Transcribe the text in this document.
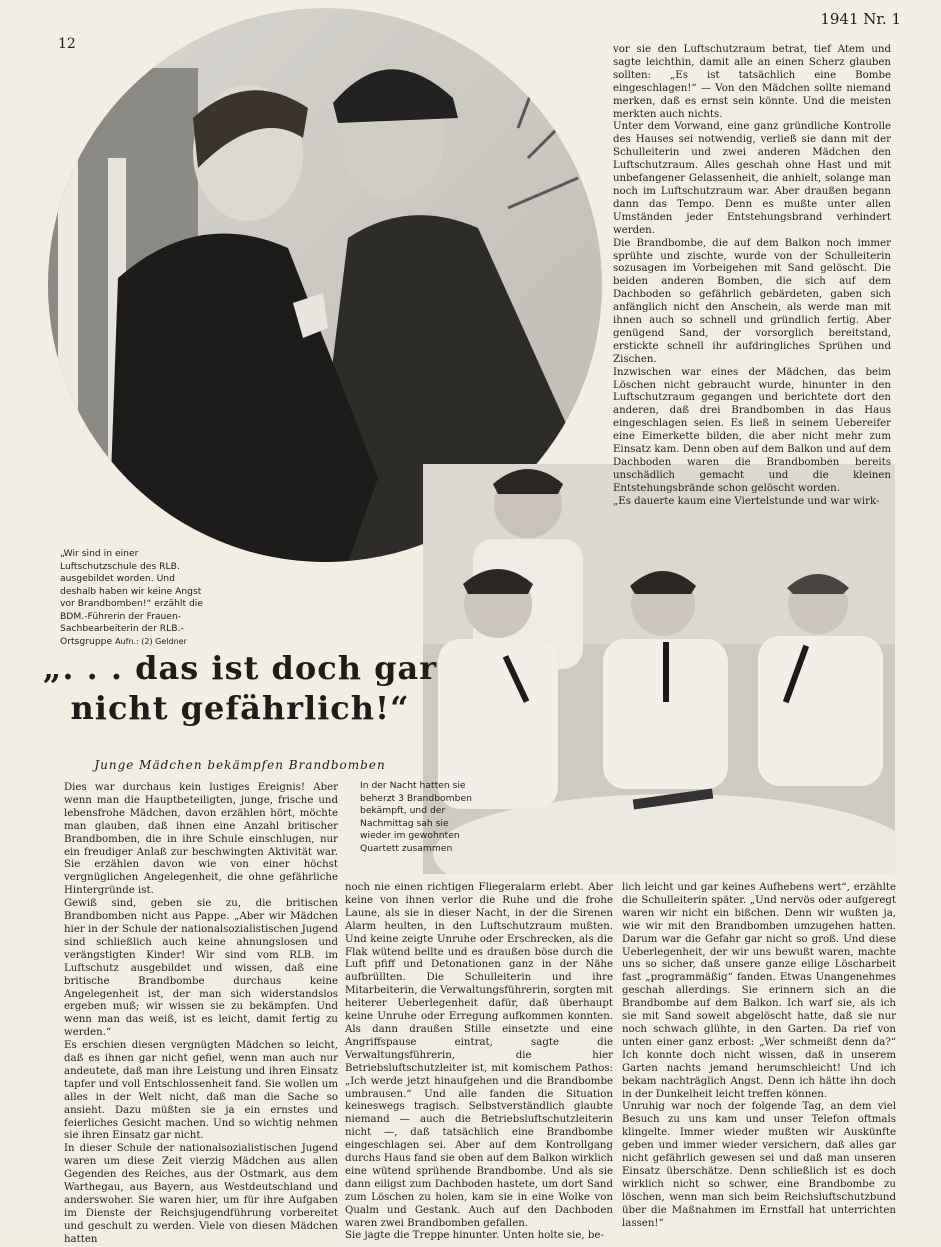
12
1941 Nr. 1
„Wir sind in einer Luftschutzschule des RLB. ausgebildet worden. Und deshalb haben wir keine Angst vor Brandbomben!“ erzählt die BDM.-Führerin der Frauen-Sachbearbeiterin der RLB.-Ortsgruppe Aufn.: (2) Geldner
„. . . das ist doch gar
nicht gefährlich!“
Junge Mädchen bekämpfen Brandbomben
In der Nacht hatten sie beherzt 3 Brandbomben bekämpft, und der Nachmittag sah sie wieder im gewohnten Quartett zusammen

vor sie den Luftschutzraum betrat, tief Atem und sagte leichthin, damit alle an einen Scherz glauben sollten: „Es ist tatsächlich eine Bombe eingeschlagen!“ — Von den Mädchen sollte niemand merken, daß es ernst sein könnte. Und die meisten merkten auch nichts.

Unter dem Vorwand, eine ganz gründliche Kontrolle des Hauses sei notwendig, verließ sie dann mit der Schulleiterin und zwei anderen Mädchen den Luftschutzraum. Alles geschah ohne Hast und mit unbefangener Gelassenheit, die anhielt, solange man noch im Luftschutzraum war. Aber draußen begann dann das Tempo. Denn es mußte unter allen Umständen jeder Entstehungsbrand verhindert werden.

Die Brandbombe, die auf dem Balkon noch immer sprühte und zischte, wurde von der Schulleiterin sozusagen im Vorbeigehen mit Sand gelöscht. Die beiden anderen Bomben, die sich auf dem Dachboden so gefährlich gebärdeten, gaben sich anfänglich nicht den Anschein, als werde man mit ihnen auch so schnell und gründlich fertig. Aber genügend Sand, der vorsorglich bereitstand, erstickte schnell ihr aufdringliches Sprühen und Zischen.

Inzwischen war eines der Mädchen, das beim Löschen nicht gebraucht wurde, hinunter in den Luftschutzraum gegangen und berichtete dort den anderen, daß drei Brandbomben in das Haus eingeschlagen seien. Es ließ in seinem Uebereifer eine Eimerkette bilden, die aber nicht mehr zum Einsatz kam. Denn oben auf dem Balkon und auf dem Dachboden waren die Brandbomben bereits unschädlich gemacht und die kleinen Entstehungsbrände schon gelöscht worden.

„Es dauerte kaum eine Viertelstunde und war wirk-

Dies war durchaus kein lustiges Ereignis! Aber wenn man die Hauptbeteiligten, junge, frische und lebensfrohe Mädchen, davon erzählen hört, möchte man glauben, daß ihnen eine Anzahl britischer Brandbomben, die in ihre Schule einschlugen, nur ein freudiger Anlaß zur beschwingten Aktivität war. Sie erzählen davon wie von einer höchst vergnüglichen Angelegenheit, die ohne gefährliche Hintergründe ist.

Gewiß sind, geben sie zu, die britischen Brandbomben nicht aus Pappe. „Aber wir Mädchen hier in der Schule der nationalsozialistischen Jugend sind schließlich auch keine ahnungslosen und verängstigten Kinder! Wir sind vom RLB. im Luftschutz ausgebildet und wissen, daß eine britische Brandbombe durchaus keine Angelegenheit ist, der man sich widerstandslos ergeben muß; wir wissen sie zu bekämpfen. Und wenn man das weiß, ist es leicht, damit fertig zu werden.“

Es erschien diesen vergnügten Mädchen so leicht, daß es ihnen gar nicht gefiel, wenn man auch nur andeutete, daß man ihre Leistung und ihren Einsatz tapfer und voll Entschlossenheit fand. Sie wollen um alles in der Welt nicht, daß man die Sache so ansieht. Dazu müßten sie ja ein ernstes und feierliches Gesicht machen. Und so wichtig nehmen sie ihren Einsatz gar nicht.

In dieser Schule der nationalsozialistischen Jugend waren um diese Zeit vierzig Mädchen aus allen Gegenden des Reiches, aus der Ostmark, aus dem Warthegau, aus Bayern, aus Westdeutschland und anderswoher. Sie waren hier, um für ihre Aufgaben im Dienste der Reichsjugendführung vorbereitet und geschult zu werden. Viele von diesen Mädchen hatten

noch nie einen richtigen Fliegeralarm erlebt. Aber keine von ihnen verlor die Ruhe und die frohe Laune, als sie in dieser Nacht, in der die Sirenen Alarm heulten, in den Luftschutzraum mußten. Und keine zeigte Unruhe oder Erschrecken, als die Flak wütend bellte und es draußen böse durch die Luft pfiff und Detonationen ganz in der Nähe aufbrüllten. Die Schulleiterin und ihre Mitarbeiterin, die Verwaltungsführerin, sorgten mit heiterer Ueberlegenheit dafür, daß überhaupt keine Unruhe oder Erregung aufkommen konnten. Als dann draußen Stille einsetzte und eine Angriffspause eintrat, sagte die Verwaltungsführerin, die hier Betriebsluftschutzleiter ist, mit komischem Pathos: „Ich werde jetzt hinaufgehen und die Brandbombe umbrausen.“ Und alle fanden die Situation keineswegs tragisch. Selbstverständlich glaubte niemand — auch die Betriebsluftschutzleiterin nicht —, daß tatsächlich eine Brandbombe eingeschlagen sei. Aber auf dem Kontrollgang durchs Haus fand sie oben auf dem Balkon wirklich eine wütend sprühende Brandbombe. Und als sie dann eiligst zum Dachboden hastete, um dort Sand zum Löschen zu holen, kam sie in eine Wolke von Qualm und Gestank. Auch auf den Dachboden waren zwei Brandbomben gefallen.

Sie jagte die Treppe hinunter. Unten holte sie, be-

lich leicht und gar keines Aufhebens wert“, erzählte die Schulleiterin später. „Und nervös oder aufgeregt waren wir nicht ein bißchen. Denn wir wußten ja, wie wir mit den Brandbomben umzugehen hatten. Darum war die Gefahr gar nicht so groß. Und diese Ueberlegenheit, der wir uns bewußt waren, machte uns so sicher, daß unsere ganze eilige Löscharbeit fast „programmäßig“ fanden. Etwas Unangenehmes geschah allerdings. Sie erinnern sich an die Brandbombe auf dem Balkon. Ich warf sie, als ich sie mit Sand soweit abgelöscht hatte, daß sie nur noch schwach glühte, in den Garten. Da rief von unten einer ganz erbost: „Wer schmeißt denn da?“ Ich konnte doch nicht wissen, daß in unserem Garten nachts jemand herumschleicht! Und ich bekam nachträglich Angst. Denn ich hätte ihn doch in der Dunkelheit leicht treffen können.

Unruhig war noch der folgende Tag, an dem viel Besuch zu uns kam und unser Telefon oftmals klingelte. Immer wieder mußten wir Auskünfte geben und immer wieder versichern, daß alles gar nicht gefährlich gewesen sei und daß man unseren Einsatz überschätze. Denn schließlich ist es doch wirklich nicht so schwer, eine Brandbombe zu löschen, wenn man sich beim Reichsluftschutzbund über die Maßnahmen im Ernstfall hat unterrichten lassen!“
